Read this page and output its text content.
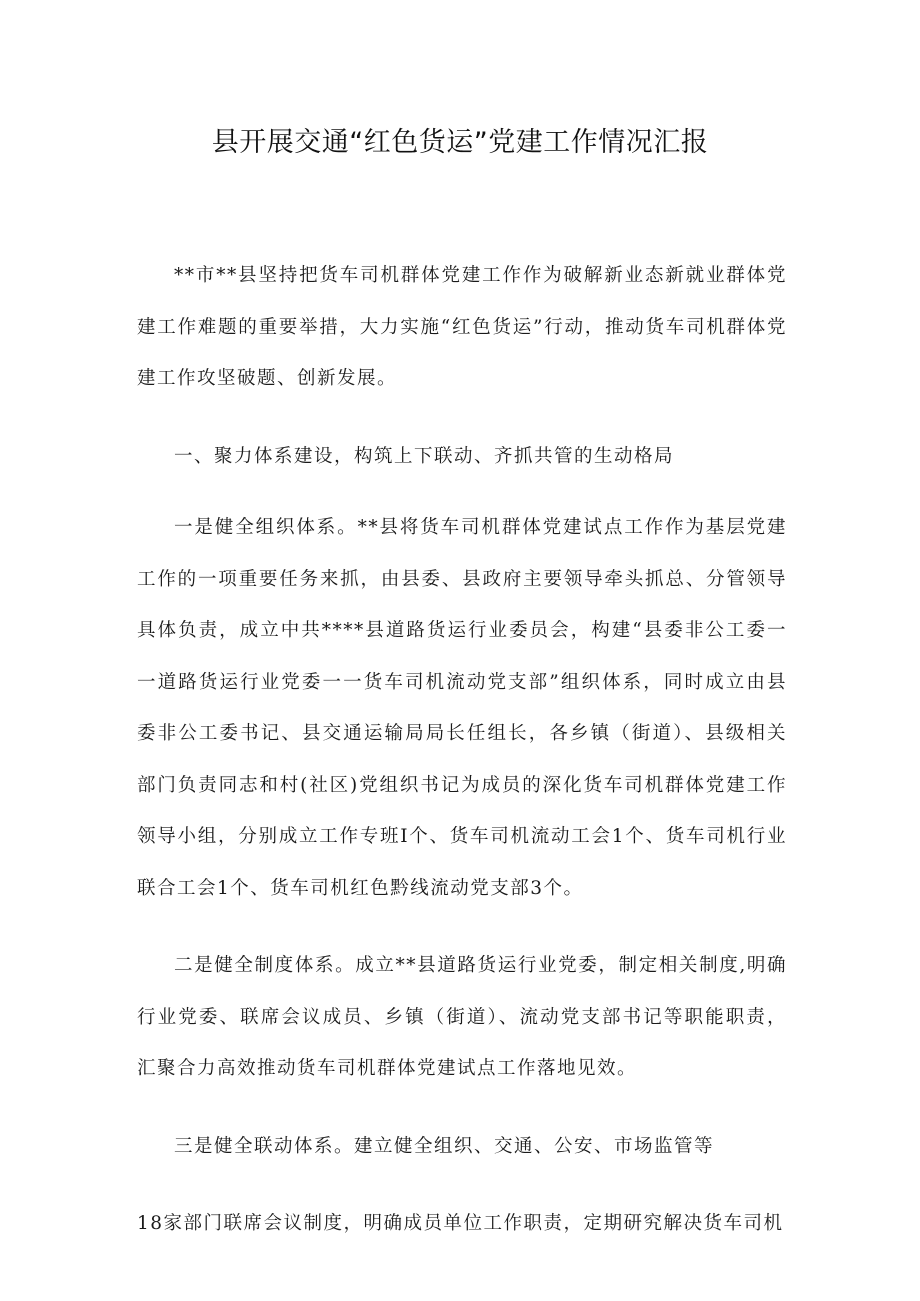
县开展交通“红色货运”党建工作情况汇报

**市**县坚持把货车司机群体党建工作作为破解新业态新就业群体党建工作难题的重要举措，大力实施“红色货运”行动，推动货车司机群体党建工作攻坚破题、创新发展。

一、聚力体系建设，构筑上下联动、齐抓共管的生动格局

一是健全组织体系。**县将货车司机群体党建试点工作作为基层党建工作的一项重要任务来抓，由县委、县政府主要领导牵头抓总、分管领导具体负责，成立中共****县道路货运行业委员会，构建“县委非公工委一一道路货运行业党委一一货车司机流动党支部”组织体系，同时成立由县委非公工委书记、县交通运输局局长任组长，各乡镇（街道）、县级相关部门负责同志和村(社区)党组织书记为成员的深化货车司机群体党建工作领导小组，分别成立工作专班I个、货车司机流动工会1个、货车司机行业联合工会1个、货车司机红色黔线流动党支部3个。

二是健全制度体系。成立**县道路货运行业党委，制定相关制度,明确行业党委、联席会议成员、乡镇（街道）、流动党支部书记等职能职责，汇聚合力高效推动货车司机群体党建试点工作落地见效。

三是健全联动体系。建立健全组织、交通、公安、市场监管等

18家部门联席会议制度，明确成员单位工作职责，定期研究解决货车司机
